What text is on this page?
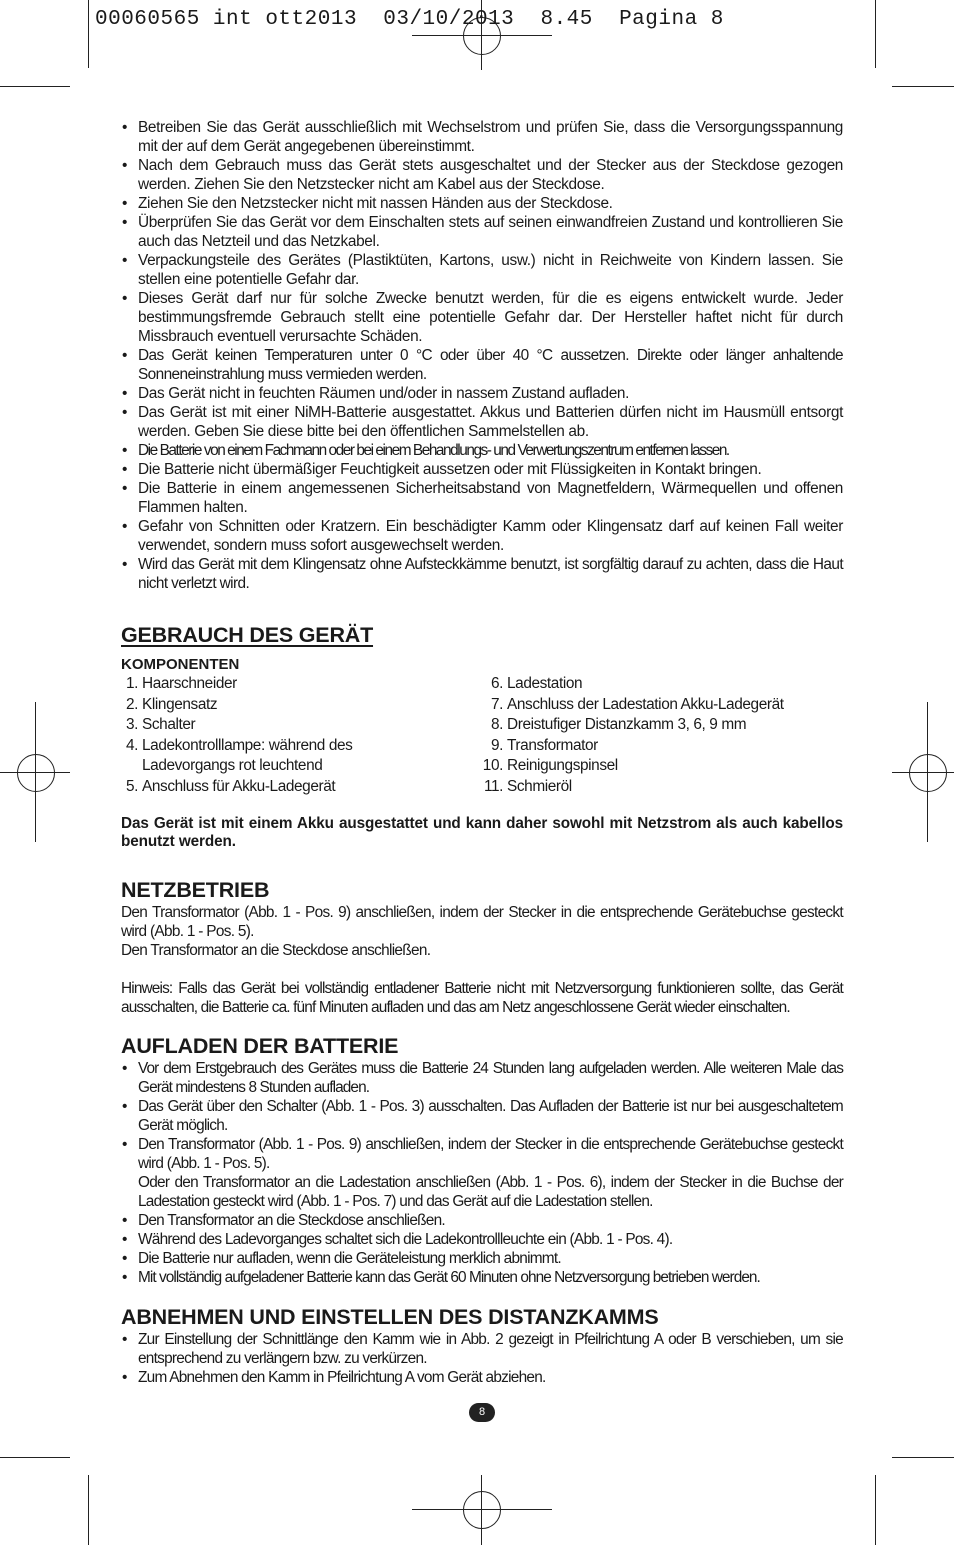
00060565 int ott2013  03/10/2013  8.45  Pagina 8
• Betreiben Sie das Gerät ausschließlich mit Wechselstrom und prüfen Sie, dass die Versorgungsspannung mit der auf dem Gerät angegebenen übereinstimmt.
• Nach dem Gebrauch muss das Gerät stets ausgeschaltet und der Stecker aus der Steckdose gezogen werden. Ziehen Sie den Netzstecker nicht am Kabel aus der Steckdose.
• Ziehen Sie den Netzstecker nicht mit nassen Händen aus der Steckdose.
• Überprüfen Sie das Gerät vor dem Einschalten stets auf seinen einwandfreien Zustand und kontrollieren Sie auch das Netzteil und das Netzkabel.
• Verpackungsteile des Gerätes (Plastiktüten, Kartons, usw.) nicht in Reichweite von Kindern lassen. Sie stellen eine potentielle Gefahr dar.
• Dieses Gerät darf nur für solche Zwecke benutzt werden, für die es eigens entwickelt wurde. Jeder bestimmungsfremde Gebrauch stellt eine potentielle Gefahr dar. Der Hersteller haftet nicht für durch Missbrauch eventuell verursachte Schäden.
• Das Gerät keinen Temperaturen unter 0 °C oder über 40 °C aussetzen. Direkte oder länger anhaltende Sonneneinstrahlung muss vermieden werden.
• Das Gerät nicht in feuchten Räumen und/oder in nassem Zustand aufladen.
• Das Gerät ist mit einer NiMH-Batterie ausgestattet. Akkus und Batterien dürfen nicht im Hausmüll entsorgt werden. Geben Sie diese bitte bei den öffentlichen Sammelstellen ab.
• Die Batterie von einem Fachmann oder bei einem Behandlungs- und Verwertungszentrum entfernen lassen.
• Die Batterie nicht übermäßiger Feuchtigkeit aussetzen oder mit Flüssigkeiten in Kontakt bringen.
• Die Batterie in einem angemessenen Sicherheitsabstand von Magnetfeldern, Wärmequellen und offenen Flammen halten.
• Gefahr von Schnitten oder Kratzern. Ein beschädigter Kamm oder Klingensatz darf auf keinen Fall weiter verwendet, sondern muss sofort ausgewechselt werden.
• Wird das Gerät mit dem Klingensatz ohne Aufsteckkämme benutzt, ist sorgfältig darauf zu achten, dass die Haut nicht verletzt wird.
GEBRAUCH DES GERÄT
KOMPONENTEN
1. Haarschneider
2. Klingensatz
3. Schalter
4. Ladekontrolllampe: während des
Ladevorgangs rot leuchtend
5. Anschluss für Akku-Ladegerät
6. Ladestation
7. Anschluss der Ladestation Akku-Ladegerät
8. Dreistufiger Distanzkamm 3, 6, 9 mm
9. Transformator
10. Reinigungspinsel
11. Schmieröl

Das Gerät ist mit einem Akku ausgestattet und kann daher sowohl mit Netzstrom als auch kabellos benutzt werden.

NETZBETRIEB

Den Transformator (Abb. 1 - Pos. 9) anschließen, indem der Stecker in die entsprechende Gerätebuchse gesteckt wird (Abb. 1 - Pos. 5).

Den Transformator an die Steckdose anschließen.

Hinweis: Falls das Gerät bei vollständig entladener Batterie nicht mit Netzversorgung funktionieren sollte, das Gerät ausschalten, die Batterie ca. fünf Minuten aufladen und das am Netz angeschlossene Gerät wieder einschalten.

AUFLADEN DER BATTERIE
• Vor dem Erstgebrauch des Gerätes muss die Batterie 24 Stunden lang aufgeladen werden. Alle weiteren Male das Gerät mindestens 8 Stunden aufladen.
• Das Gerät über den Schalter (Abb. 1 - Pos. 3) ausschalten. Das Aufladen der Batterie ist nur bei ausgeschaltetem Gerät möglich.
• Den Transformator (Abb. 1 - Pos. 9) anschließen, indem der Stecker in die entsprechende Gerätebuchse gesteckt wird (Abb. 1 - Pos. 5).
Oder den Transformator an die Ladestation anschließen (Abb. 1 - Pos. 6), indem der Stecker in die Buchse der Ladestation gesteckt wird (Abb. 1 - Pos. 7) und das Gerät auf die Ladestation stellen.
• Den Transformator an die Steckdose anschließen.
• Während des Ladevorganges schaltet sich die Ladekontrollleuchte ein (Abb. 1 - Pos. 4).
• Die Batterie nur aufladen, wenn die Geräteleistung merklich abnimmt.
• Mit vollständig aufgeladener Batterie kann das Gerät 60 Minuten ohne Netzversorgung betrieben werden.
ABNEHMEN UND EINSTELLEN DES DISTANZKAMMS
• Zur Einstellung der Schnittlänge den Kamm wie in Abb. 2 gezeigt in Pfeilrichtung A oder B verschieben, um sie entsprechend zu verlängern bzw. zu verkürzen.
• Zum Abnehmen den Kamm in Pfeilrichtung A vom Gerät abziehen.
8
